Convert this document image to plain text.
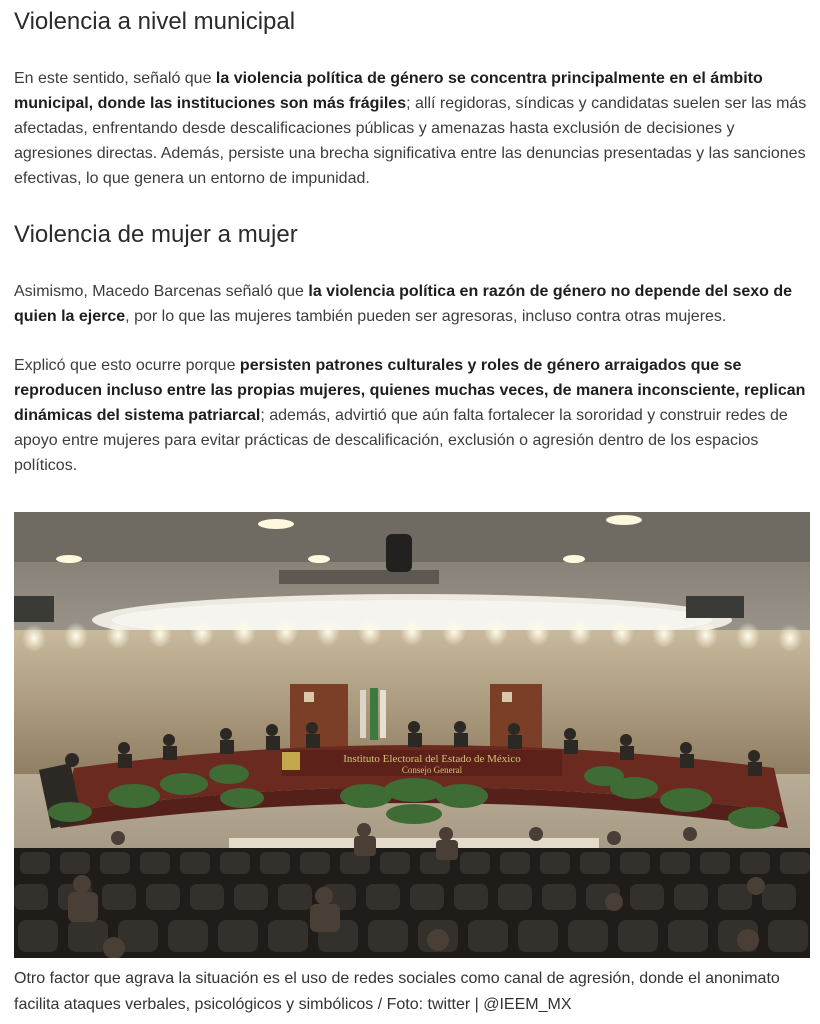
Violencia a nivel municipal

En este sentido, señaló que la violencia política de género se concentra principalmente en el ámbito municipal, donde las instituciones son más frágiles; allí regidoras, síndicas y candidatas suelen ser las más afectadas, enfrentando desde descalificaciones públicas y amenazas hasta exclusión de decisiones y agresiones directas. Además, persiste una brecha significativa entre las denuncias presentadas y las sanciones efectivas, lo que genera un entorno de impunidad.

Violencia de mujer a mujer

Asimismo, Macedo Barcenas señaló que la violencia política en razón de género no depende del sexo de quien la ejerce, por lo que las mujeres también pueden ser agresoras, incluso contra otras mujeres.

Explicó que esto ocurre porque persisten patrones culturales y roles de género arraigados que se reproducen incluso entre las propias mujeres, quienes muchas veces, de manera inconsciente, replican dinámicas del sistema patriarcal; además, advirtió que aún falta fortalecer la sororidad y construir redes de apoyo entre mujeres para evitar prácticas de descalificación, exclusión o agresión dentro de los espacios políticos.

Instituto Electoral del Estado de México
Consejo General

Otro factor que agrava la situación es el uso de redes sociales como canal de agresión, donde el anonimato facilita ataques verbales, psicológicos y simbólicos / Foto: twitter | @IEEM_MX
